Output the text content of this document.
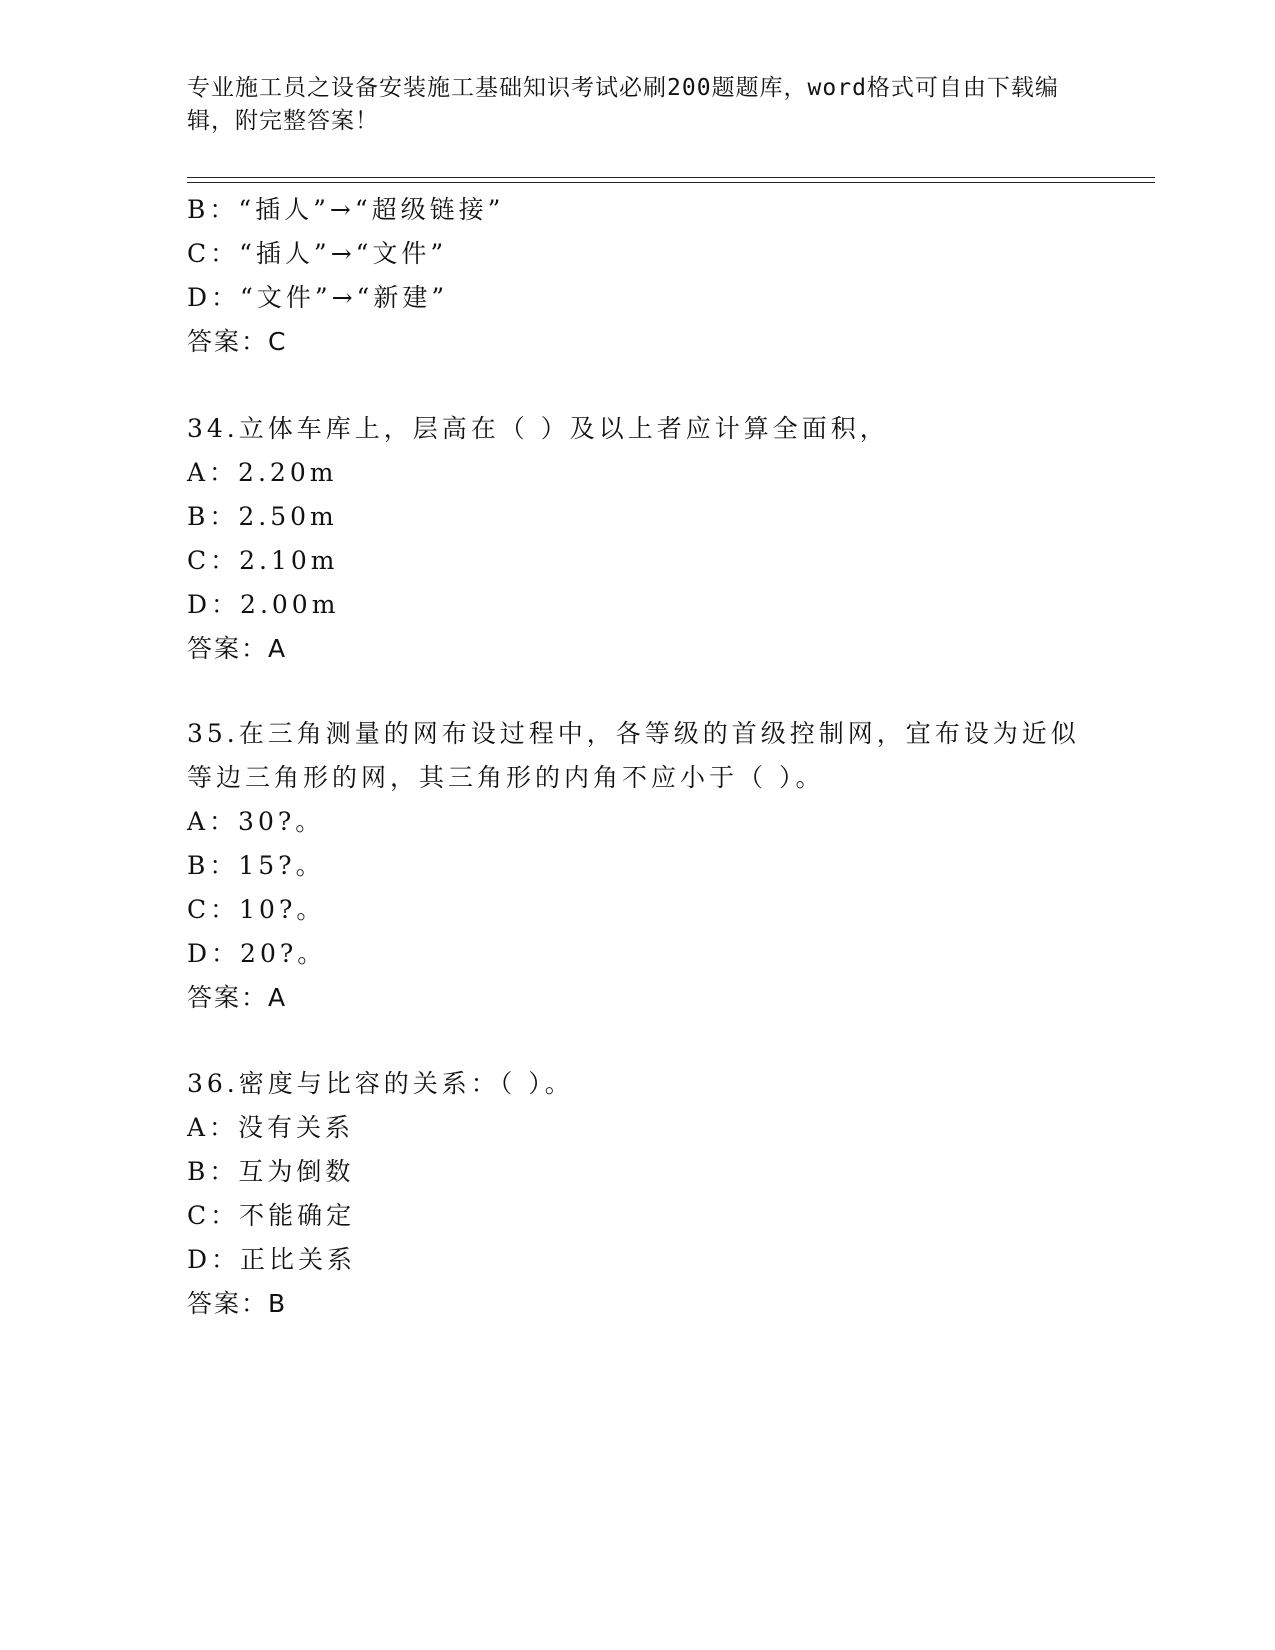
专业施工员之设备安装施工基础知识考试必刷200题题库，word格式可自由下载编辑，附完整答案！
B：“插人”→“超级链接”
C：“插人”→“文件”
D：“文件”→“新建”
答案：C
34.立体车库上，层高在（ ）及以上者应计算全面积，
A：2.20m
B：2.50m
C：2.10m
D：2.00m
答案：A
35.在三角测量的网布设过程中，各等级的首级控制网，宜布设为近似
等边三角形的网，其三角形的内角不应小于（ ）。
A：30?。
B：15?。
C：10?。
D：20?。
答案：A
36.密度与比容的关系：（ ）。
A：没有关系
B：互为倒数
C：不能确定
D：正比关系
答案：B
